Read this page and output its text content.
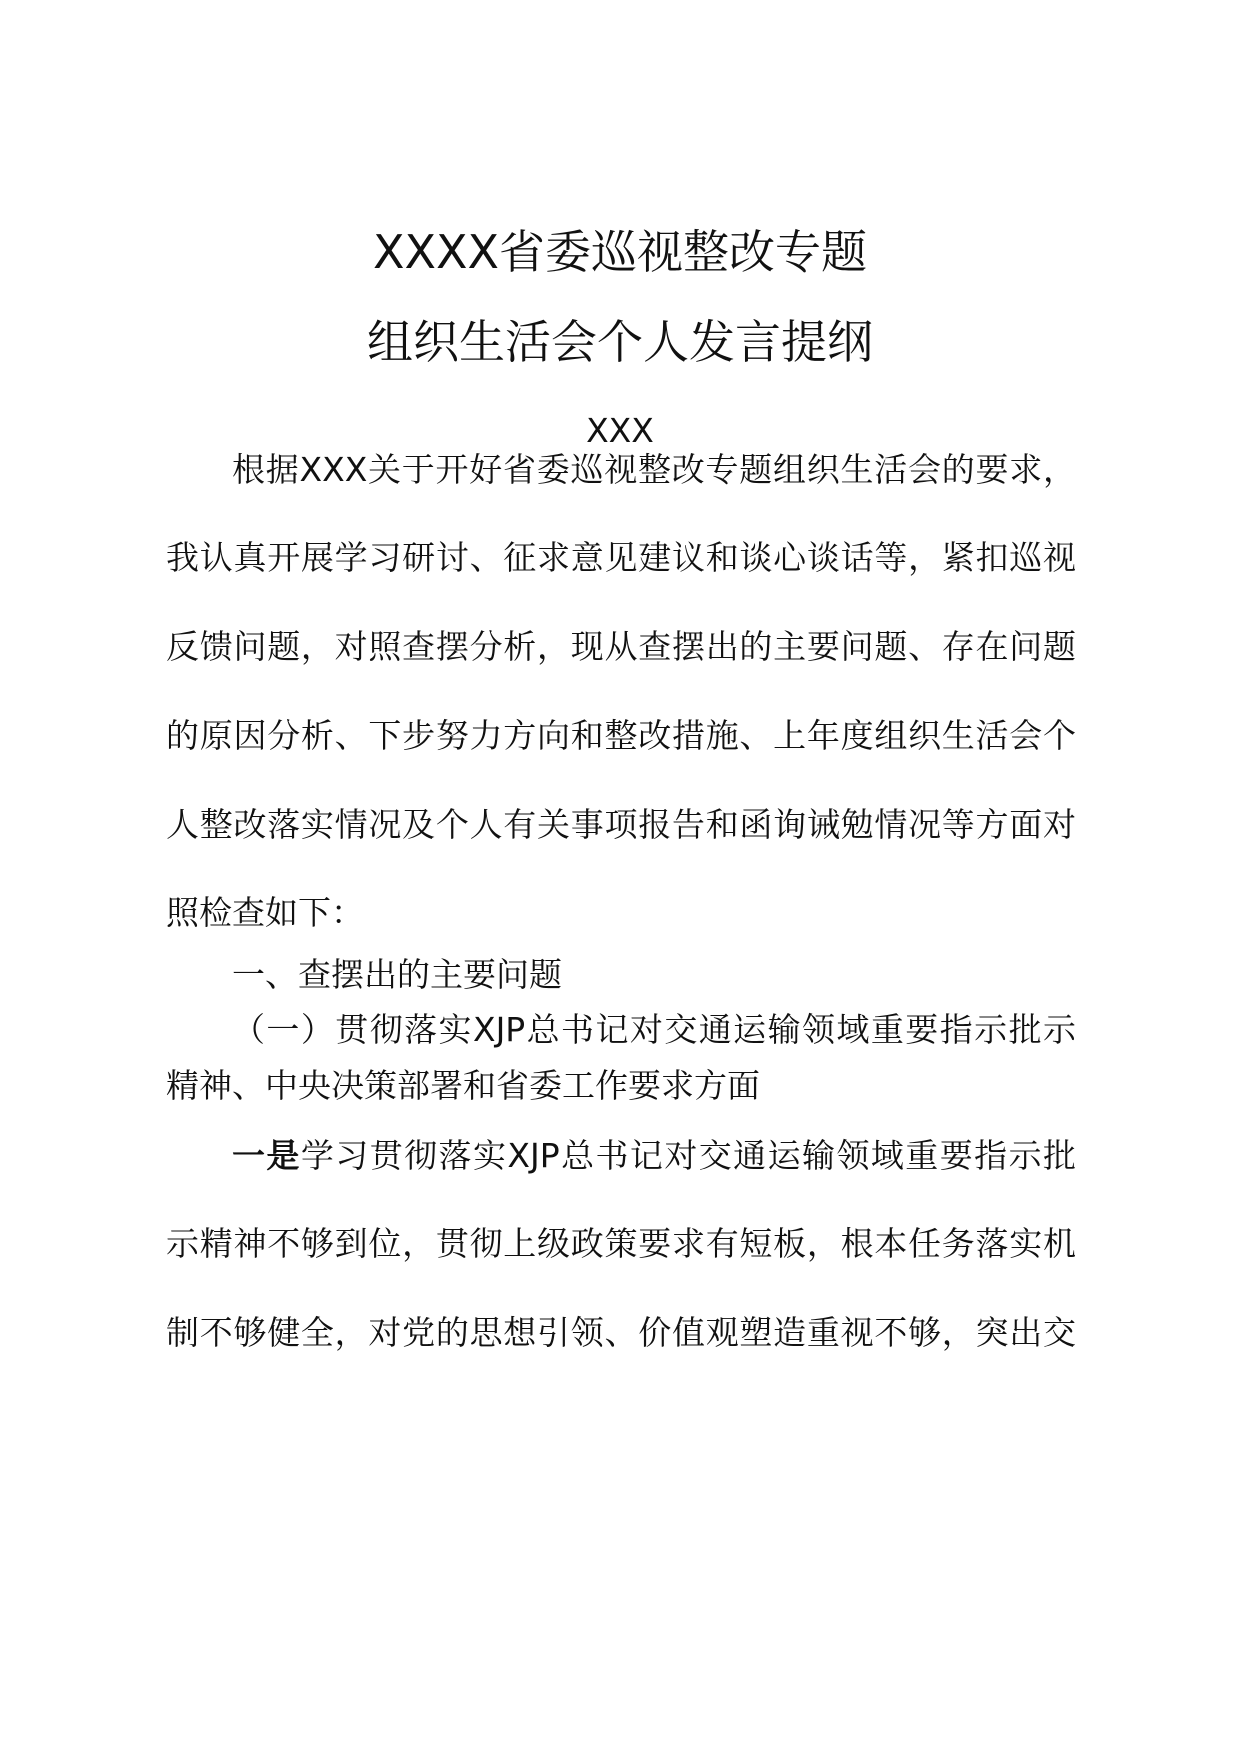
XXXX省委巡视整改专题
组织生活会个人发言提纲
XXX
根据XXX关于开好省委巡视整改专题组织生活会的要求，
我认真开展学习研讨、征求意见建议和谈心谈话等，紧扣巡视
反馈问题，对照查摆分析，现从查摆出的主要问题、存在问题
的原因分析、下步努力方向和整改措施、上年度组织生活会个
人整改落实情况及个人有关事项报告和函询诫勉情况等方面对
照检查如下：
一、查摆出的主要问题
（一）贯彻落实XJP总书记对交通运输领域重要指示批示
精神、中央决策部署和省委工作要求方面
一是学习贯彻落实XJP总书记对交通运输领域重要指示批
示精神不够到位，贯彻上级政策要求有短板，根本任务落实机
制不够健全，对党的思想引领、价值观塑造重视不够，突出交
